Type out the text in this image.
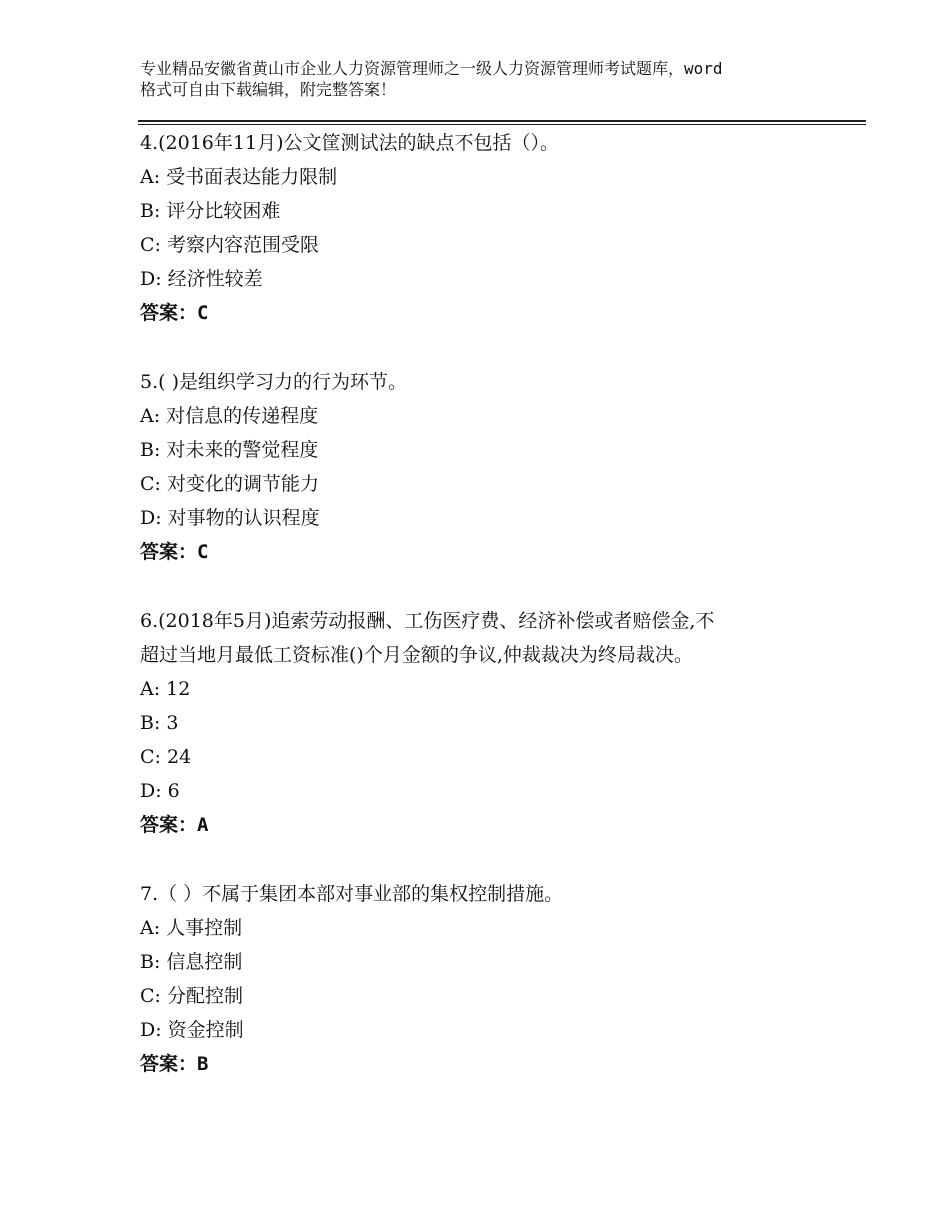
专业精品安徽省黄山市企业人力资源管理师之一级人力资源管理师考试题库，word
格式可自由下载编辑，附完整答案！
4.(2016年11月)公文筐测试法的缺点不包括（）。
A: 受书面表达能力限制
B: 评分比较困难
C: 考察内容范围受限
D: 经济性较差
答案：C
5.( )是组织学习力的行为环节。
A: 对信息的传递程度
B: 对未来的警觉程度
C: 对变化的调节能力
D: 对事物的认识程度
答案：C
6.(2018年5月)追索劳动报酬、工伤医疗费、经济补偿或者赔偿金,不
超过当地月最低工资标准()个月金额的争议,仲裁裁决为终局裁决。
A: 12
B: 3
C: 24
D: 6
答案：A
7.（ ）不属于集团本部对事业部的集权控制措施。
A: 人事控制
B: 信息控制
C: 分配控制
D: 资金控制
答案：B
